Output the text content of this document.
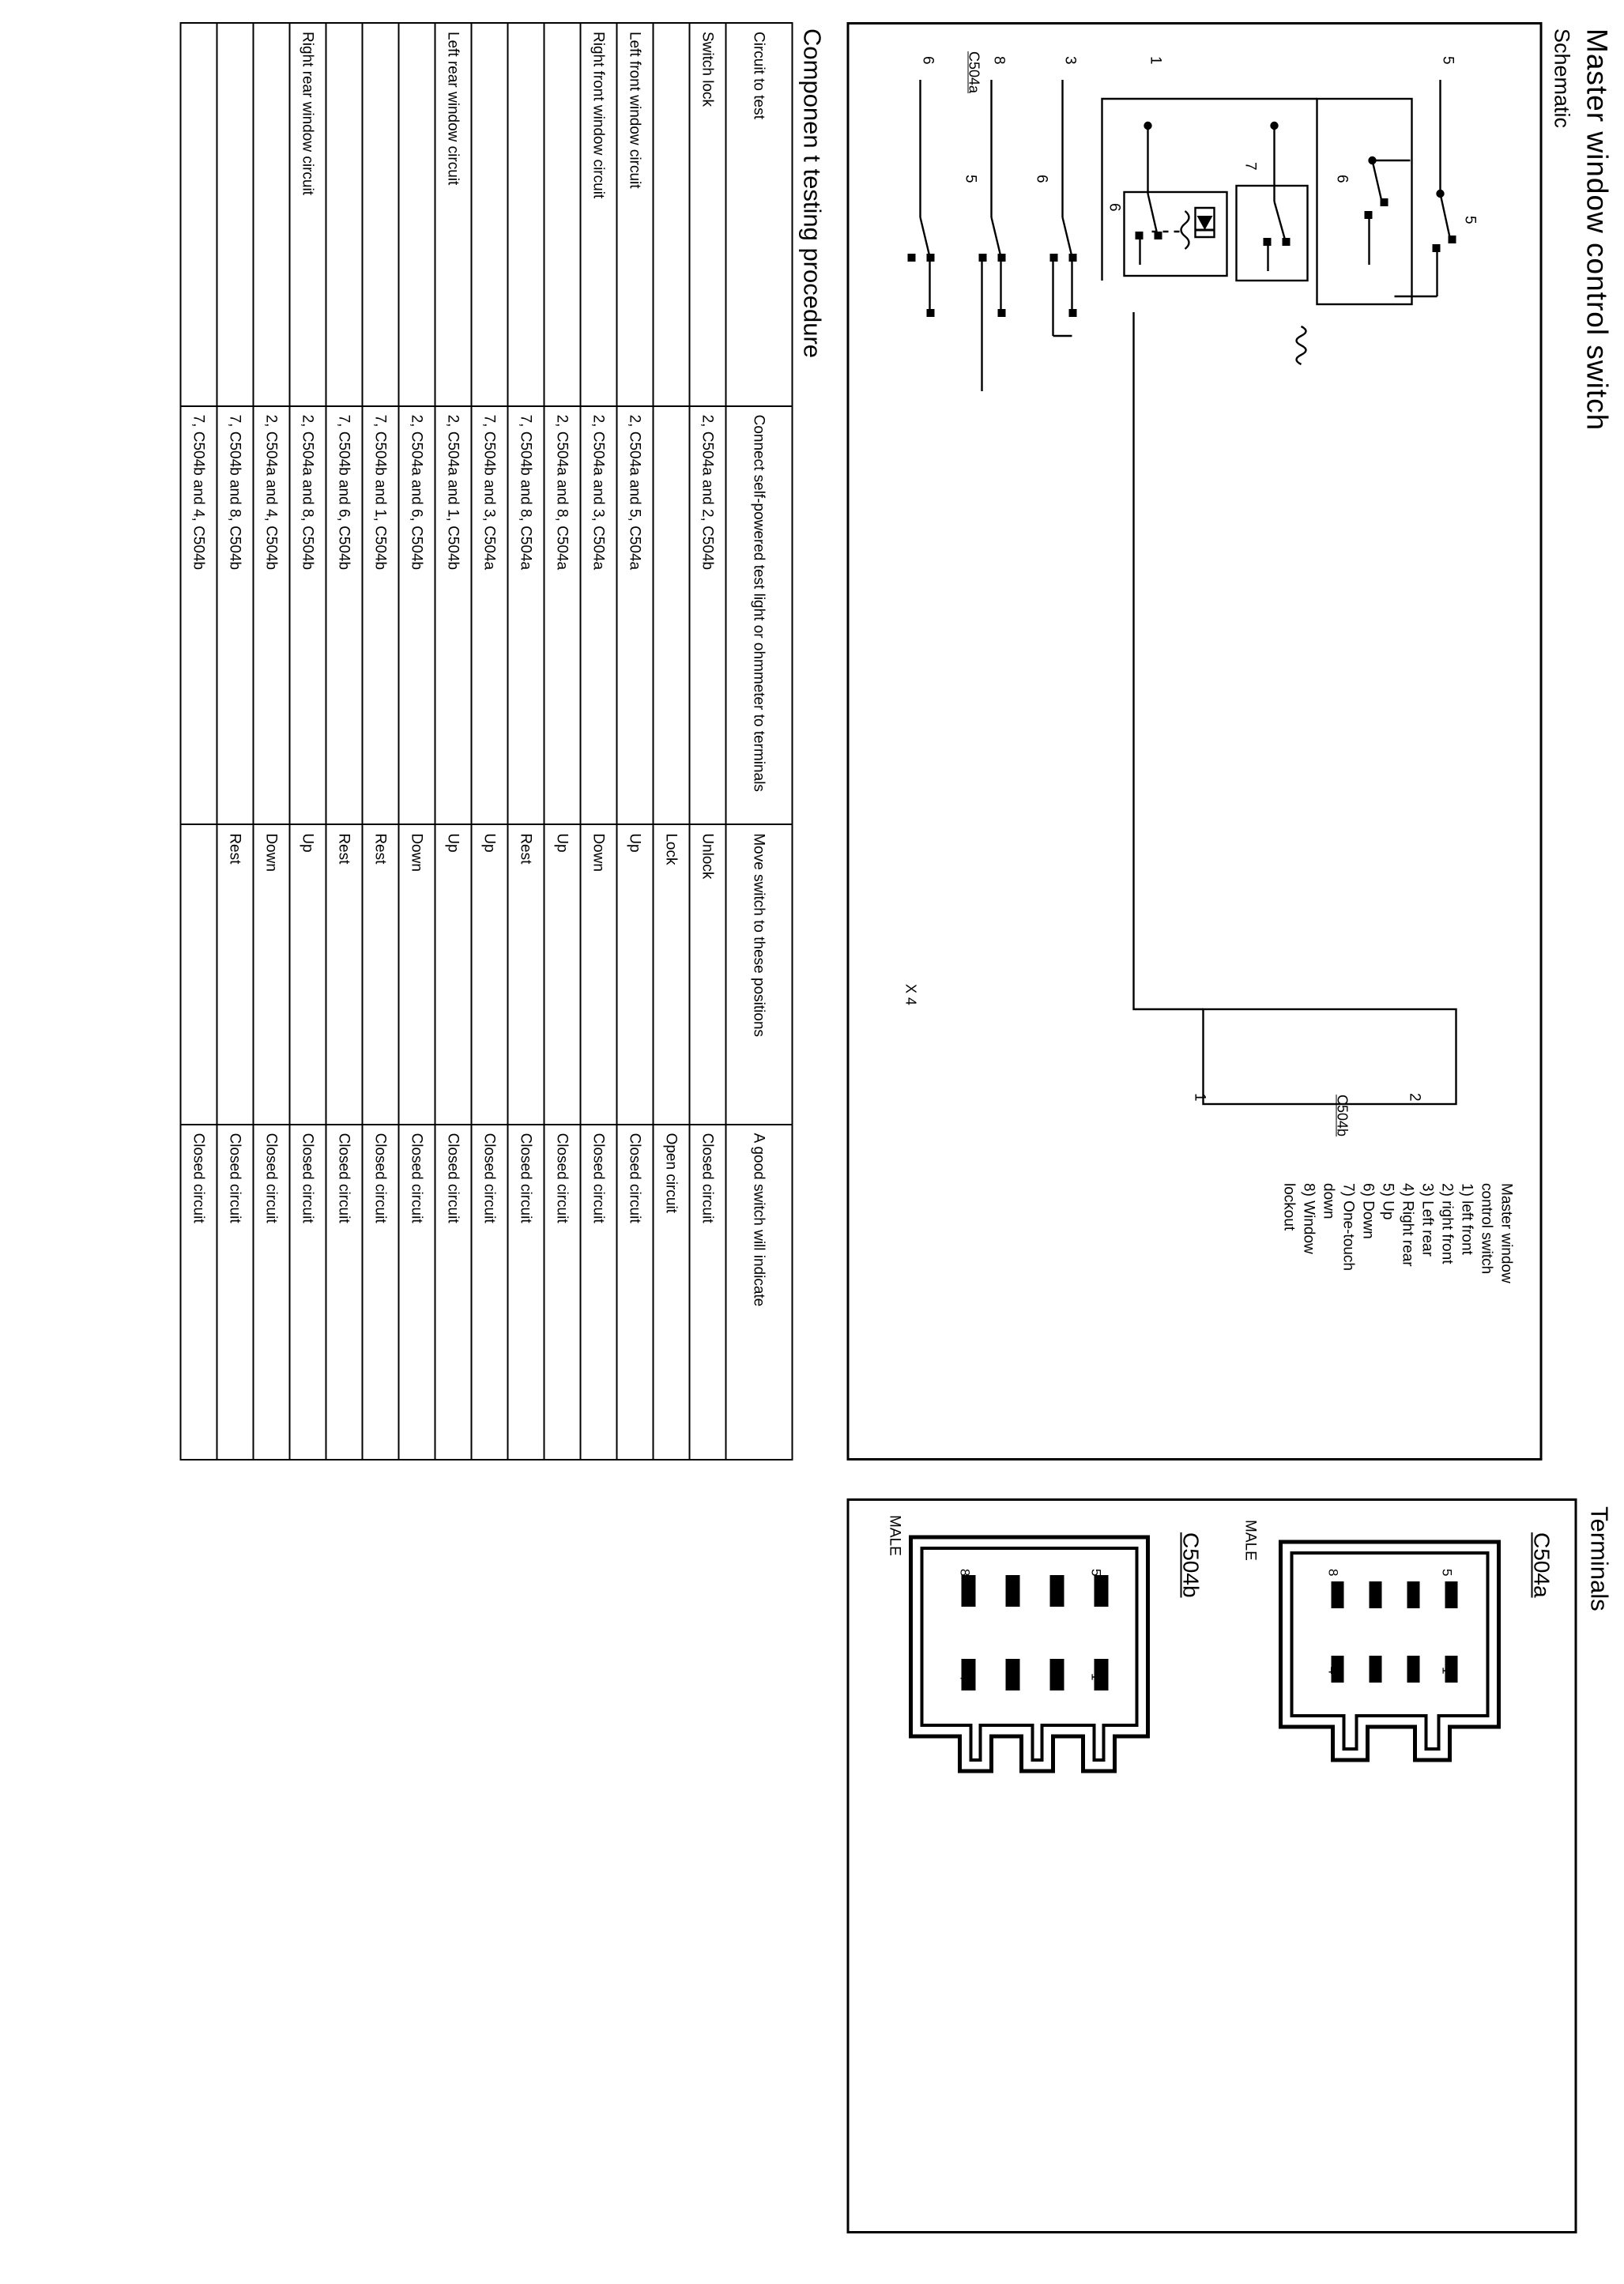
Master window control switch
Schematic
Master window
control switch
1) left front
2) right front
3) Left rear
4) Right rear
5) Up
6) Down
7) One-touch
down
8) Window
lockout
5
5
6
7
6
1
3
6
8
5
6 C504a
C504b
1	2
X 4
Componen t testing procedure
Circuit to test	Connect self-powered test light or ohmmeter to terminals	Move switch to these positions	A good switch will indicate
Switch lock	2, C504a and 2, C504b	Unlock	Closed circuit
		Lock	Open circuit
Left front window circuit	2, C504a and 5, C504a	Up	Closed circuit
Right front window circuit	2, C504a and 3, C504a	Down	Closed circuit
	2, C504a and 8, C504a	Up	Closed circuit
	7, C504b and 8, C504a	Rest	Closed circuit
	7, C504b and 3, C504a	Up	Closed circuit
Left rear window circuit	2, C504a and 1, C504b	Up	Closed circuit
	2, C504a and 6, C504b	Down	Closed circuit
	7, C504b and 1, C504b	Rest	Closed circuit
	7, C504b and 6, C504b	Rest	Closed circuit
Right rear window circuit	2, C504a and 8, C504b	Up	Closed circuit
	2, C504a and 4, C504b	Down	Closed circuit
	7, C504b and 8, C504b	Rest	Closed circuit
	7, C504b and 4, C504b		Closed circuit
Terminals
C504a
5
1
8
4
MALE
C504b
5
1
8
4
MALE
